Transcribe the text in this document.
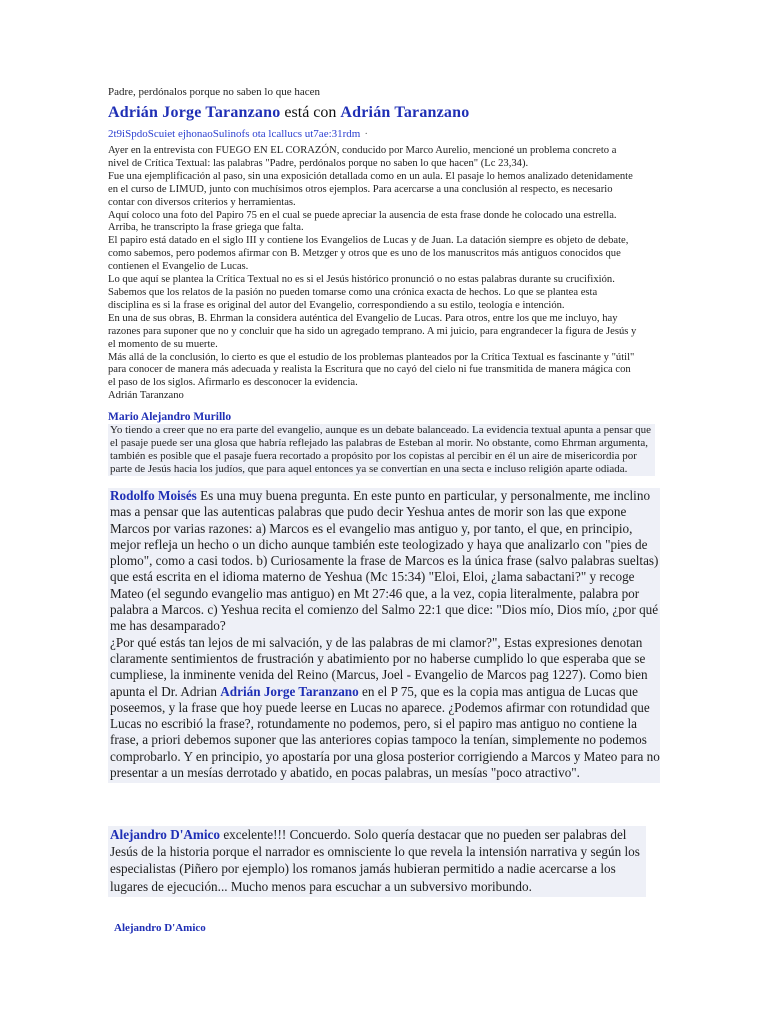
Padre, perdónalos porque no saben lo que hacen
Adrián Jorge Taranzano está con Adrián Taranzano
2t9iSpdoScuiet ejhonaoSulinofs ota lcallucs ut7ae:31rdm ·

Ayer en la entrevista con FUEGO EN EL CORAZÓN, conducido por Marco Aurelio, mencioné un problema concreto a nivel de Crítica Textual: las palabras "Padre, perdónalos porque no saben lo que hacen" (Lc 23,34).

Fue una ejemplificación al paso, sin una exposición detallada como en un aula. El pasaje lo hemos analizado detenidamente en el curso de LIMUD, junto con muchísimos otros ejemplos. Para acercarse a una conclusión al respecto, es necesario contar con diversos criterios y herramientas.

Aquí coloco una foto del Papiro 75 en el cual se puede apreciar la ausencia de esta frase donde he colocado una estrella. Arriba, he transcripto la frase griega que falta.

El papiro está datado en el siglo III y contiene los Evangelios de Lucas y de Juan. La datación siempre es objeto de debate, como sabemos, pero podemos afirmar con B. Metzger y otros que es uno de los manuscritos más antiguos conocidos que contienen el Evangelio de Lucas.

Lo que aquí se plantea la Crítica Textual no es si el Jesús histórico pronunció o no estas palabras durante su crucifixión. Sabemos que los relatos de la pasión no pueden tomarse como una crónica exacta de hechos. Lo que se plantea esta disciplina es si la frase es original del autor del Evangelio, correspondiendo a su estilo, teología e intención.

En una de sus obras, B. Ehrman la considera auténtica del Evangelio de Lucas. Para otros, entre los que me incluyo, hay razones para suponer que no y concluir que ha sido un agregado temprano. A mi juicio, para engrandecer la figura de Jesús y el momento de su muerte.

Más allá de la conclusión, lo cierto es que el estudio de los problemas planteados por la Crítica Textual es fascinante y "útil" para conocer de manera más adecuada y realista la Escritura que no cayó del cielo ni fue transmitida de manera mágica con el paso de los siglos. Afirmarlo es desconocer la evidencia.

Adrián Taranzano

Mario Alejandro Murillo
Yo tiendo a creer que no era parte del evangelio, aunque es un debate balanceado. La evidencia textual apunta a pensar que el pasaje puede ser una glosa que habría reflejado las palabras de Esteban al morir. No obstante, como Ehrman argumenta, también es posible que el pasaje fuera recortado a propósito por los copistas al percibir en él un aire de misericordia por parte de Jesús hacia los judíos, que para aquel entonces ya se convertían en una secta e incluso religión aparte odiada.

Rodolfo Moisés Es una muy buena pregunta. En este punto en particular, y personalmente, me inclino mas a pensar que las autenticas palabras que pudo decir Yeshua antes de morir son las que expone Marcos por varias razones: a) Marcos es el evangelio mas antiguo y, por tanto, el que, en principio, mejor refleja un hecho o un dicho aunque también este teologizado y haya que analizarlo con "pies de plomo", como a casi todos. b) Curiosamente la frase de Marcos es la única frase (salvo palabras sueltas) que está escrita en el idioma materno de Yeshua (Mc 15:34) "Eloi, Eloi, ¿lama sabactani?" y recoge Mateo (el segundo evangelio mas antiguo) en Mt 27:46 que, a la vez, copia literalmente, palabra por palabra a Marcos. c) Yeshua recita el comienzo del Salmo 22:1 que dice: "Dios mío, Dios mío, ¿por qué me has desamparado?

¿Por qué estás tan lejos de mi salvación, y de las palabras de mi clamor?", Estas expresiones denotan claramente sentimientos de frustración y abatimiento por no haberse cumplido lo que esperaba que se cumpliese, la inminente venida del Reino (Marcus, Joel - Evangelio de Marcos pag 1227). Como bien apunta el Dr. Adrian Adrián Jorge Taranzano en el P 75, que es la copia mas antigua de Lucas que poseemos, y la frase que hoy puede leerse en Lucas no aparece. ¿Podemos afirmar con rotundidad que Lucas no escribió la frase?, rotundamente no podemos, pero, si el papiro mas antiguo no contiene la frase, a priori debemos suponer que las anteriores copias tampoco la tenían, simplemente no podemos comprobarlo. Y en principio, yo apostaría por una glosa posterior corrigiendo a Marcos y Mateo para no presentar a un mesías derrotado y abatido, en pocas palabras, un mesías "poco atractivo".

Alejandro D'Amico excelente!!! Concuerdo. Solo quería destacar que no pueden ser palabras del Jesús de la historia porque el narrador es omnisciente lo que revela la intensión narrativa y según los especialistas (Piñero por ejemplo) los romanos jamás hubieran permitido a nadie acercarse a los lugares de ejecución... Mucho menos para escuchar a un subversivo moribundo.
Alejandro D'Amico
